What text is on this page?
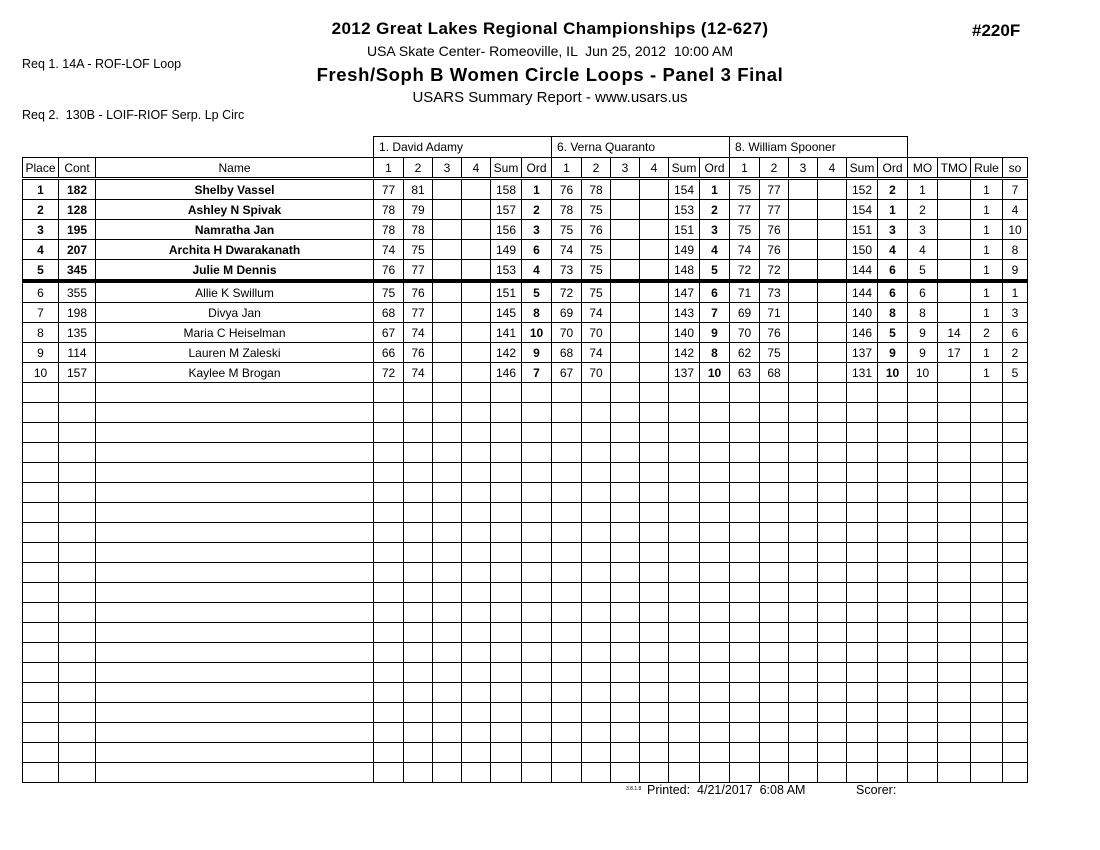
Req 1. 14A - ROF-LOF Loop

Req 2.  130B - LOIF-RIOF Serp. Lp Circ

#220F
2012 Great Lakes Regional Championships (12-627)
USA Skate Center- Romeoville, IL  Jun 25, 2012  10:00 AM
Fresh/Soph B Women Circle Loops - Panel 3 Final
USARS Summary Report - www.usars.us
			1. David Adamy						6. Verna Quaranto						8. William Spooner									
Place	Cont	Name	1	2	3	4	Sum	Ord	1	2	3	4	Sum	Ord	1	2	3	4	Sum	Ord	MO	TMO	Rule	so
1	182	Shelby Vassel	77	81			158	1	76	78			154	1	75	77			152	2	1		1	7
2	128	Ashley N Spivak	78	79			157	2	78	75			153	2	77	77			154	1	2		1	4
3	195	Namratha Jan	78	78			156	3	75	76			151	3	75	76			151	3	3		1	10
4	207	Archita H Dwarakanath	74	75			149	6	74	75			149	4	74	76			150	4	4		1	8
5	345	Julie M Dennis	76	77			153	4	73	75			148	5	72	72			144	6	5		1	9
6	355	Allie K Swillum	75	76			151	5	72	75			147	6	71	73			144	6	6		1	1
7	198	Divya Jan	68	77			145	8	69	74			143	7	69	71			140	8	8		1	3
8	135	Maria C Heiselman	67	74			141	10	70	70			140	9	70	76			146	5	9	14	2	6
9	114	Lauren M Zaleski	66	76			142	9	68	74			142	8	62	75			137	9	9	17	1	2
10	157	Kaylee M Brogan	72	74			146	7	67	70			137	10	63	68			131	10	10		1	5

3.8.1.8 Printed:  4/21/2017  6:08 AM	Scorer:
